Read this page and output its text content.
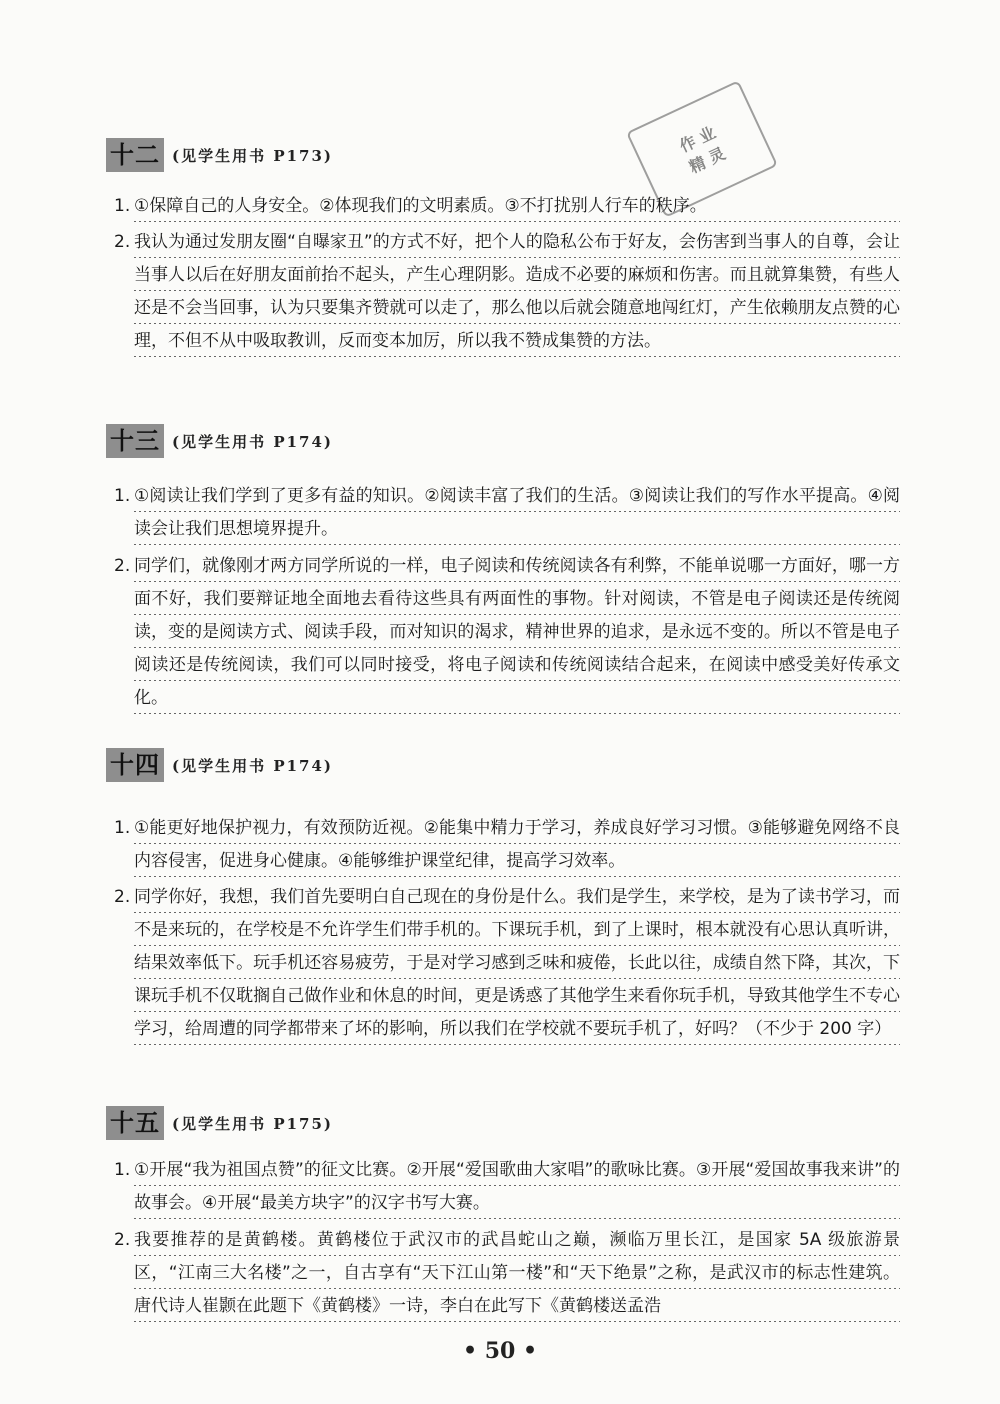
作 业
精 灵
十二 (见学生用书 P173)
1. ①保障自己的人身安全。②体现我们的文明素质。③不打扰别人行车的秩序。
2. 我认为通过发朋友圈“自曝家丑”的方式不好，把个人的隐私公布于好友，会伤害到当事人的自尊，会让当事人以后在好朋友面前抬不起头，产生心理阴影。造成不必要的麻烦和伤害。而且就算集赞，有些人还是不会当回事，认为只要集齐赞就可以走了，那么他以后就会随意地闯红灯，产生依赖朋友点赞的心理，不但不从中吸取教训，反而变本加厉，所以我不赞成集赞的方法。
十三 (见学生用书 P174)
1. ①阅读让我们学到了更多有益的知识。②阅读丰富了我们的生活。③阅读让我们的写作水平提高。④阅读会让我们思想境界提升。
2. 同学们，就像刚才两方同学所说的一样，电子阅读和传统阅读各有利弊，不能单说哪一方面好，哪一方面不好，我们要辩证地全面地去看待这些具有两面性的事物。针对阅读，不管是电子阅读还是传统阅读，变的是阅读方式、阅读手段，而对知识的渴求，精神世界的追求，是永远不变的。所以不管是电子阅读还是传统阅读，我们可以同时接受，将电子阅读和传统阅读结合起来，在阅读中感受美好传承文化。
十四 (见学生用书 P174)
1. ①能更好地保护视力，有效预防近视。②能集中精力于学习，养成良好学习习惯。③能够避免网络不良内容侵害，促进身心健康。④能够维护课堂纪律，提高学习效率。
2. 同学你好，我想，我们首先要明白自己现在的身份是什么。我们是学生，来学校，是为了读书学习，而不是来玩的，在学校是不允许学生们带手机的。下课玩手机，到了上课时，根本就没有心思认真听讲，结果效率低下。玩手机还容易疲劳，于是对学习感到乏味和疲倦，长此以往，成绩自然下降，其次，下课玩手机不仅耽搁自己做作业和休息的时间，更是诱惑了其他学生来看你玩手机，导致其他学生不专心学习，给周遭的同学都带来了坏的影响，所以我们在学校就不要玩手机了，好吗？（不少于 200 字）
十五 (见学生用书 P175)
1. ①开展“我为祖国点赞”的征文比赛。②开展“爱国歌曲大家唱”的歌咏比赛。③开展“爱国故事我来讲”的故事会。④开展“最美方块字”的汉字书写大赛。
2. 我要推荐的是黄鹤楼。黄鹤楼位于武汉市的武昌蛇山之巅，濒临万里长江，是国家 5A 级旅游景区，“江南三大名楼”之一，自古享有“天下江山第一楼”和“天下绝景”之称，是武汉市的标志性建筑。唐代诗人崔颢在此题下《黄鹤楼》一诗，李白在此写下《黄鹤楼送孟浩
• 50 •
